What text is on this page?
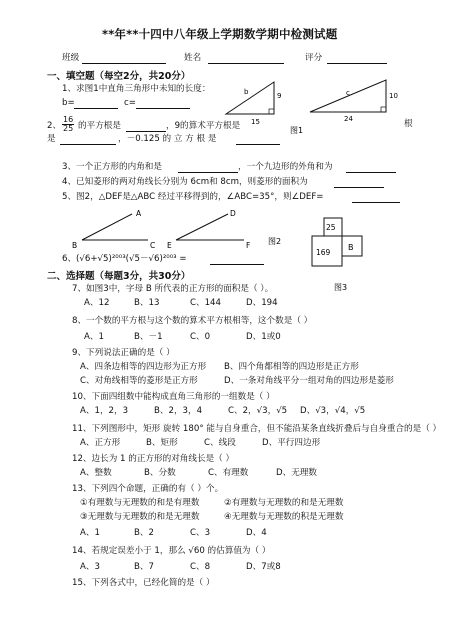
**年**十四中八年级上学期数学期中检测试题
班级	姓名	评分
一、填空题（每空2分，共20分）
1、求图1中直角三角形中未知的长度：
b=	c=
b	9
15
10
c
24
图1
2、 $\frac{16}{25}$ 的平方根是	，9的算术平方根是
是	，－0.125 的 立 方 根 是
根
3、一个正方形的内角和是	，一个九边形的外角和为
4、已知菱形的两对角线长分别为 6cm和 8cm，则菱形的面积为
5、图2，△DEF是△ABC 经过平移得到的，∠ABC=35°，则∠DEF=
A
B	C
D
E	F 图2
25
B
169
图3
6、(√6+√5)²⁰⁰³(√5－√6)²⁰⁰³ =
二、选择题（每题3分，共30分）
7、如图3中，字母 B 所代表的正方形的面积是（ ）。
A、12	B、13	C、144	D、194
8、一个数的平方根与这个数的算术平方根相等，这个数是（ ）
A、1	B、－1	C、0	D、1或0
9、下列说法正确的是（ ）
A、四条边相等的四边形为正方形 B、四个角都相等的四边形是正方形
C、对角线相等的菱形是正方形	D、一条对角线平分一组对角的四边形是菱形
10、下面四组数中能构成直角三角形的一组数是（ ）
A、1，2，3	B、2，3，4	C、2，√3，√5 D、√3，√4，√5
11、下列图形中，矩形 旋转 180° 能与自身重合，但不能沿某条直线折叠后与自身重合的是（ ）
A、正方形	B、矩形	C、线段	D、平行四边形
12、边长为 1 的正方形的对角线长是（ ）
A、整数	B、分数	C、有理数	D、无理数
13、下列四个命题，正确的有（ ）个。
①有理数与无理数的和是有理数	②有理数与无理数的和是无理数
③无理数与无理数的和是无理数	④无理数与无理数的积是无理数
A、1	B、2	C、3	D、4
14、若规定误差小于 1，那么 √60 的估算值为（ ）
A、3	B、7	C、8	D、7或8
15、下列各式中，已经化简的是（ ）
